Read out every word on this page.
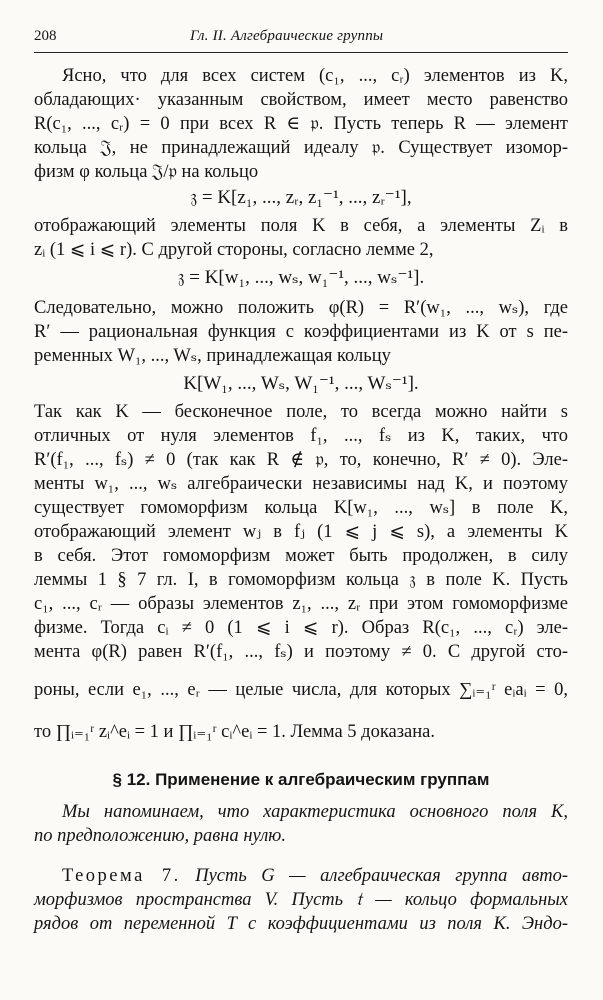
208	Гл. II. Алгебраические группы
Ясно, что для всех систем (c₁, ..., cᵣ) элементов из K,
обладающих· указанным свойством, имеет место равенство
R(c₁, ..., cᵣ) = 0 при всех R ∈ 𝔭. Пусть теперь R — элемент
кольца 𝔍, не принадлежащий идеалу 𝔭. Существует изомор-
физм φ кольца 𝔍/𝔭 на кольцо
𝔷 = K[z₁, ..., zᵣ, z₁⁻¹, ..., zᵣ⁻¹],
отображающий элементы поля K в себя, а элементы Zᵢ в
zᵢ (1 ⩽ i ⩽ r). С другой стороны, согласно лемме 2,
𝔷 = K[w₁, ..., wₛ, w₁⁻¹, ..., wₛ⁻¹].
Следовательно, можно положить φ(R) = R′(w₁, ..., wₛ), где
R′ — рациональная функция с коэффициентами из K от s пе-
ременных W₁, ..., Wₛ, принадлежащая кольцу
K[W₁, ..., Wₛ, W₁⁻¹, ..., Wₛ⁻¹].
Так как K — бесконечное поле, то всегда можно найти s
отличных от нуля элементов f₁, ..., fₛ из K, таких, что
R′(f₁, ..., fₛ) ≠ 0 (так как R ∉ 𝔭, то, конечно, R′ ≠ 0). Эле-
менты w₁, ..., wₛ алгебраически независимы над K, и поэтому
существует гомоморфизм кольца K[w₁, ..., wₛ] в поле K,
отображающий элемент wⱼ в fⱼ (1 ⩽ j ⩽ s), а элементы K
в себя. Этот гомоморфизм может быть продолжен, в силу
леммы 1 § 7 гл. I, в гомоморфизм кольца 𝔷 в поле K. Пусть
c₁, ..., cᵣ — образы элементов z₁, ..., zᵣ при этом гомоморфизме
физме. Тогда cᵢ ≠ 0 (1 ⩽ i ⩽ r). Образ R(c₁, ..., cᵣ) эле-
мента φ(R) равен R′(f₁, ..., fₛ) и поэтому ≠ 0. С другой сто-
роны, если e₁, ..., eᵣ — целые числа, для которых ∑ᵢ₌₁ʳ eᵢaᵢ = 0,
то ∏ᵢ₌₁ʳ zᵢ^eᵢ = 1 и ∏ᵢ₌₁ʳ cᵢ^eᵢ = 1. Лемма 5 доказана.
§ 12. Применение к алгебраическим группам
Мы напоминаем, что характеристика основного поля K,
по предположению, равна нулю.
Теорема 7. Пусть G — алгебраическая группа авто-
морфизмов пространства V. Пусть 𝔱 — кольцо формальных
рядов от переменной T с коэффициентами из поля K. Эндо-
